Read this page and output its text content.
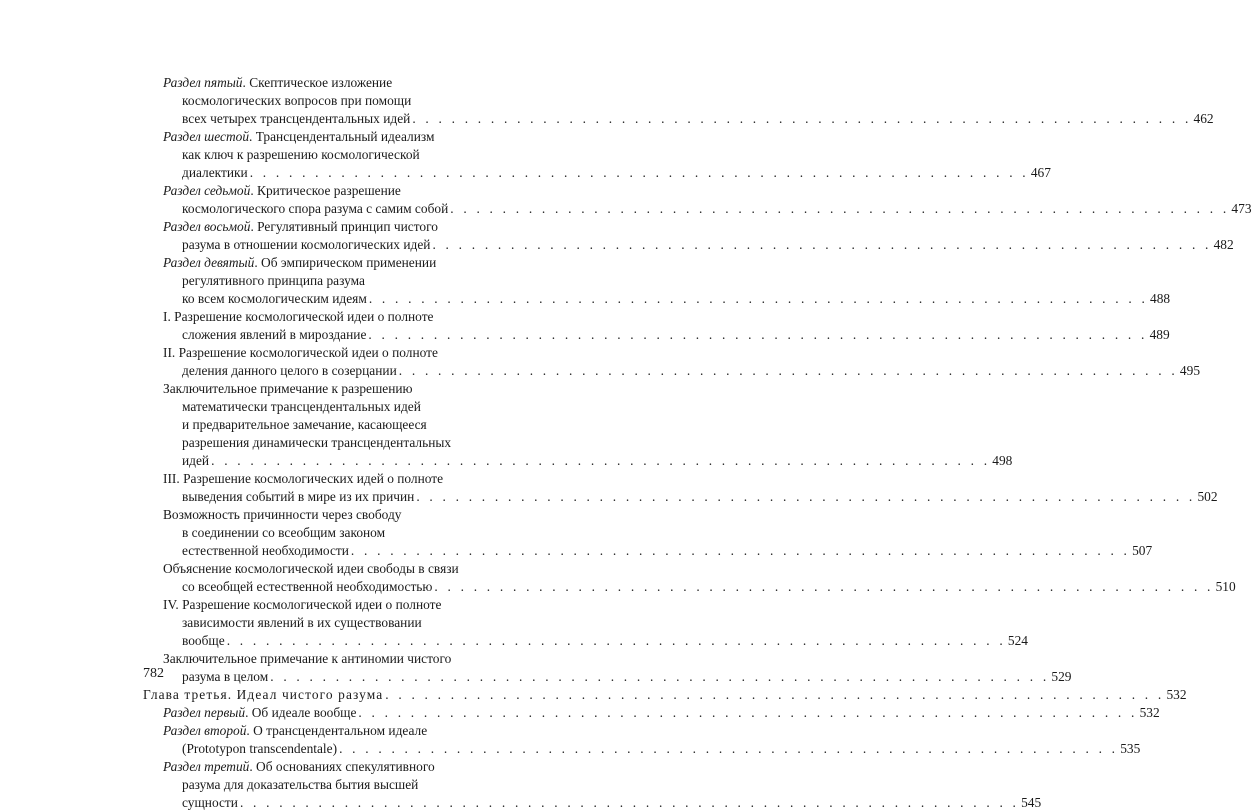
Раздел пятый. Скептическое изложение
космологических вопросов при помощи
всех четырех трансцендентальных идей . . . . . . . . . . . . . . . . . . . . . . . . . . . . . . . . . . . . . . . . . . . . . . . . . . . . . . . . . . . . 462
Раздел шестой. Трансцендентальный идеализм
как ключ к разрешению космологической
диалектики . . . . . . . . . . . . . . . . . . . . . . . . . . . . . . . . . . . . . . . . . . . . . . . . . . . . . . . . . . . . 467
Раздел седьмой. Критическое разрешение
космологического спора разума с самим собой . . . . . . . . . . . . . . . . . . . . . . . . . . . . . . . . . . . . . . . . . . . . . . . . . . . . . . . . . . . . 473
Раздел восьмой. Регулятивный принцип чистого
разума в отношении космологических идей . . . . . . . . . . . . . . . . . . . . . . . . . . . . . . . . . . . . . . . . . . . . . . . . . . . . . . . . . . . . 482
Раздел девятый. Об эмпирическом применении
регулятивного принципа разума
ко всем космологическим идеям . . . . . . . . . . . . . . . . . . . . . . . . . . . . . . . . . . . . . . . . . . . . . . . . . . . . . . . . . . . . 488
I. Разрешение космологической идеи о полноте
сложения явлений в мироздание . . . . . . . . . . . . . . . . . . . . . . . . . . . . . . . . . . . . . . . . . . . . . . . . . . . . . . . . . . . . 489
II. Разрешение космологической идеи о полноте
деления данного целого в созерцании . . . . . . . . . . . . . . . . . . . . . . . . . . . . . . . . . . . . . . . . . . . . . . . . . . . . . . . . . . . . 495
Заключительное примечание к разрешению
математически трансцендентальных идей
и предварительное замечание, касающееся
разрешения динамически трансцендентальных
идей . . . . . . . . . . . . . . . . . . . . . . . . . . . . . . . . . . . . . . . . . . . . . . . . . . . . . . . . . . . . 498
III. Разрешение космологических идей о полноте
выведения событий в мире из их причин . . . . . . . . . . . . . . . . . . . . . . . . . . . . . . . . . . . . . . . . . . . . . . . . . . . . . . . . . . . . 502
Возможность причинности через свободу
в соединении со всеобщим законом
естественной необходимости . . . . . . . . . . . . . . . . . . . . . . . . . . . . . . . . . . . . . . . . . . . . . . . . . . . . . . . . . . . . 507
Объяснение космологической идеи свободы в связи
со всеобщей естественной необходимостью . . . . . . . . . . . . . . . . . . . . . . . . . . . . . . . . . . . . . . . . . . . . . . . . . . . . . . . . . . . . 510
IV. Разрешение космологической идеи о полноте
зависимости явлений в их существовании
вообще . . . . . . . . . . . . . . . . . . . . . . . . . . . . . . . . . . . . . . . . . . . . . . . . . . . . . . . . . . . . 524
Заключительное примечание к антиномии чистого
разума в целом . . . . . . . . . . . . . . . . . . . . . . . . . . . . . . . . . . . . . . . . . . . . . . . . . . . . . . . . . . . . 529
Глава третья. Идеал чистого разума . . . . . . . . . . . . . . . . . . . . . . . . . . . . . . . . . . . . . . . . . . . . . . . . . . . . . . . . . . . . 532
Раздел первый. Об идеале вообще . . . . . . . . . . . . . . . . . . . . . . . . . . . . . . . . . . . . . . . . . . . . . . . . . . . . . . . . . . . . 532
Раздел второй. О трансцендентальном идеале
(Prototypon transcendentale) . . . . . . . . . . . . . . . . . . . . . . . . . . . . . . . . . . . . . . . . . . . . . . . . . . . . . . . . . . . . 535
Раздел третий. Об основаниях спекулятивного
разума для доказательства бытия высшей
сущности . . . . . . . . . . . . . . . . . . . . . . . . . . . . . . . . . . . . . . . . . . . . . . . . . . . . . . . . . . . . 545
782
